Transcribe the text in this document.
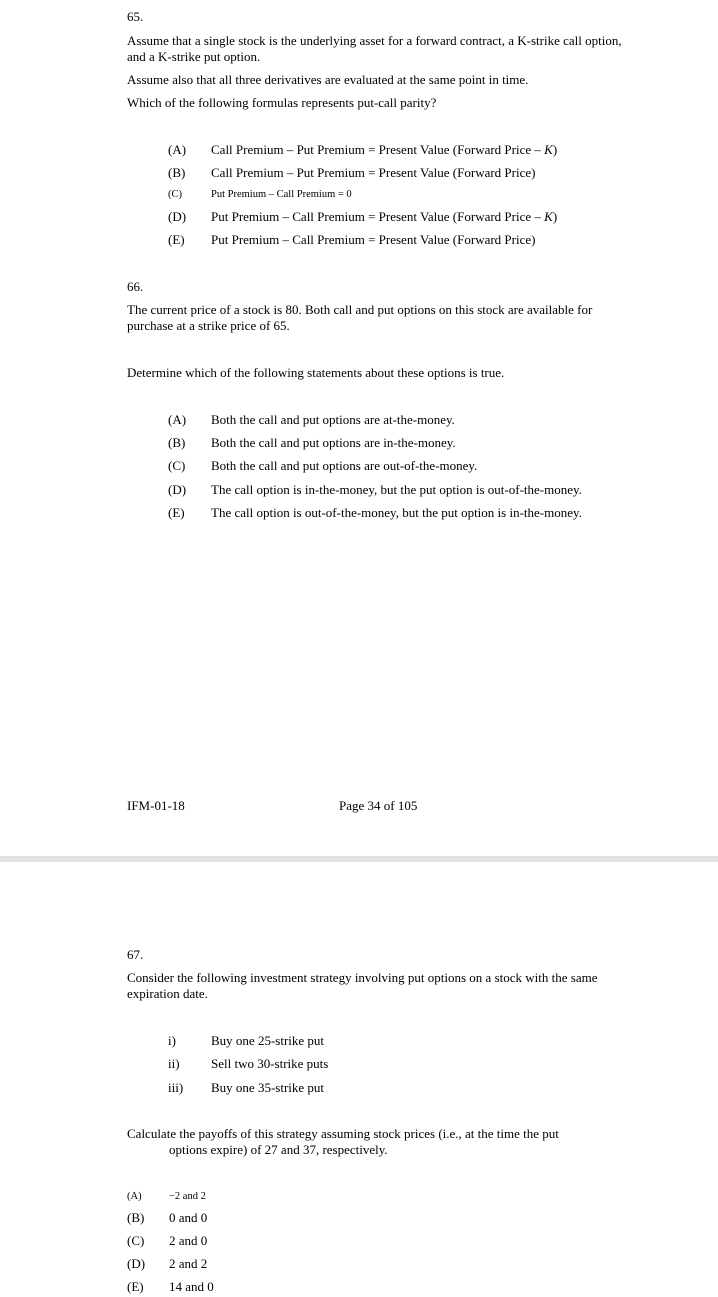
65.
Assume that a single stock is the underlying asset for a forward contract, a K-strike call option, and a K-strike put option.
Assume also that all three derivatives are evaluated at the same point in time.
Which of the following formulas represents put-call parity?
(A) Call Premium – Put Premium = Present Value (Forward Price – K)
(B) Call Premium – Put Premium = Present Value (Forward Price)
(C)	Put Premium – Call Premium = 0
(D) Put Premium – Call Premium = Present Value (Forward Price – K)
(E) Put Premium – Call Premium = Present Value (Forward Price)
66.
The current price of a stock is 80. Both call and put options on this stock are available for purchase at a strike price of 65.
Determine which of the following statements about these options is true.
(A) Both the call and put options are at-the-money.
(B) Both the call and put options are in-the-money.
(C) Both the call and put options are out-of-the-money.
(D) The call option is in-the-money, but the put option is out-of-the-money.
(E) The call option is out-of-the-money, but the put option is in-the-money.
IFM-01-18	Page 34 of 105
67.
Consider the following investment strategy involving put options on a stock with the same expiration date.
i)	Buy one 25-strike put
ii) Sell two 30-strike puts
iii) Buy one 35-strike put
Calculate the payoffs of this strategy assuming stock prices (i.e., at the time the put
options expire) of 27 and 37, respectively.
(A)	−2 and 2
(B) 0 and 0
(C) 2 and 0
(D) 2 and 2
(E) 14 and 0
